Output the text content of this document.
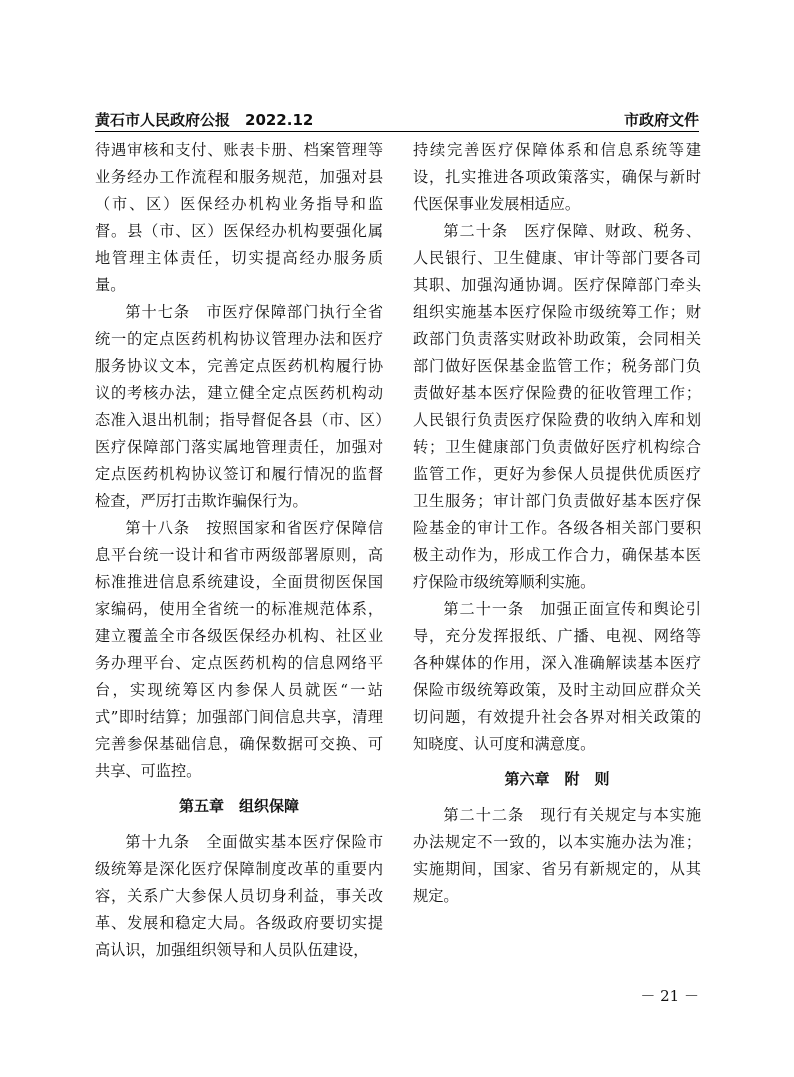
黄石市人民政府公报　2022.12	市政府文件

待遇审核和支付、账表卡册、档案管理等业务经办工作流程和服务规范，加强对县（市、区）医保经办机构业务指导和监督。县（市、区）医保经办机构要强化属地管理主体责任，切实提高经办服务质量。

第十七条　市医疗保障部门执行全省统一的定点医药机构协议管理办法和医疗服务协议文本，完善定点医药机构履行协议的考核办法，建立健全定点医药机构动态准入退出机制；指导督促各县（市、区）医疗保障部门落实属地管理责任，加强对定点医药机构协议签订和履行情况的监督检查，严厉打击欺诈骗保行为。

第十八条　按照国家和省医疗保障信息平台统一设计和省市两级部署原则，高标准推进信息系统建设，全面贯彻医保国家编码，使用全省统一的标准规范体系，建立覆盖全市各级医保经办机构、社区业务办理平台、定点医药机构的信息网络平台，实现统筹区内参保人员就医“一站式”即时结算；加强部门间信息共享，清理完善参保基础信息，确保数据可交换、可共享、可监控。

第五章　组织保障

第十九条　全面做实基本医疗保险市级统筹是深化医疗保障制度改革的重要内容，关系广大参保人员切身利益，事关改革、发展和稳定大局。各级政府要切实提高认识，加强组织领导和人员队伍建设，

持续完善医疗保障体系和信息系统等建设，扎实推进各项政策落实，确保与新时代医保事业发展相适应。

第二十条　医疗保障、财政、税务、人民银行、卫生健康、审计等部门要各司其职、加强沟通协调。医疗保障部门牵头组织实施基本医疗保险市级统筹工作；财政部门负责落实财政补助政策，会同相关部门做好医保基金监管工作；税务部门负责做好基本医疗保险费的征收管理工作；人民银行负责医疗保险费的收纳入库和划转；卫生健康部门负责做好医疗机构综合监管工作，更好为参保人员提供优质医疗卫生服务；审计部门负责做好基本医疗保险基金的审计工作。各级各相关部门要积极主动作为，形成工作合力，确保基本医疗保险市级统筹顺利实施。

第二十一条　加强正面宣传和舆论引导，充分发挥报纸、广播、电视、网络等各种媒体的作用，深入准确解读基本医疗保险市级统筹政策，及时主动回应群众关切问题，有效提升社会各界对相关政策的知晓度、认可度和满意度。

第六章　附　则

第二十二条　现行有关规定与本实施办法规定不一致的，以本实施办法为准；实施期间，国家、省另有新规定的，从其规定。

－ 21 －
